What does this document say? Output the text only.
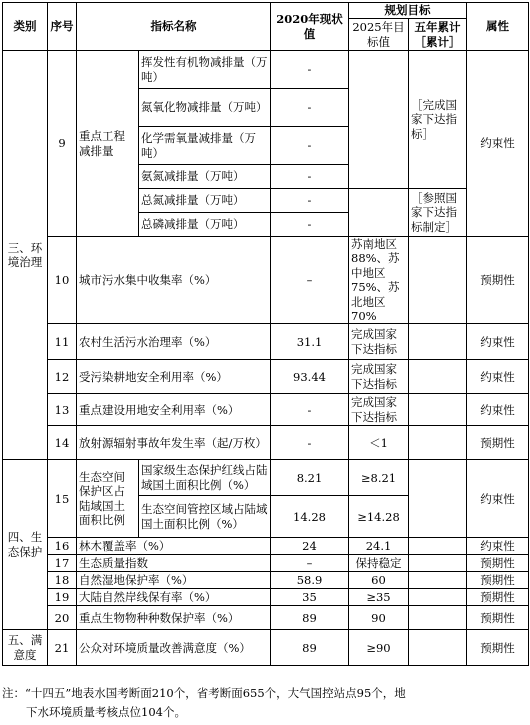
类别	序号	指标名称		2020年现状值	规划目标		属性
					2025年目标值	五年累计［累计］	
三、环境治理	9	重点工程减排量	挥发性有机物减排量（万吨）	-		［完成国家下达指标］	约束性
			氮氧化物减排量（万吨）	-			
			化学需氧量减排量（万吨）	-			
			氨氮减排量（万吨）	-			
			总氮减排量（万吨）	-		［参照国家下达指标制定］	
			总磷减排量（万吨）	-			
	10	城市污水集中收集率（%）		–	苏南地区88%、苏中地区75%、苏北地区70%		预期性
	11	农村生活污水治理率（%）		31.1	完成国家下达指标		约束性
	12	受污染耕地安全利用率（%）		93.44	完成国家下达指标		约束性
	13	重点建设用地安全利用率（%）		-	完成国家下达指标		约束性
	14	放射源辐射事故年发生率（起/万枚）		-	＜1		预期性
四、生态保护	15	生态空间保护区占陆域国土面积比例	国家级生态保护红线占陆域国土面积比例（%）	8.21	≥8.21		约束性
			生态空间管控区域占陆域国土面积比例（%）	14.28	≥14.28		
	16	林木覆盖率（%）		24	24.1		约束性
	17	生态质量指数		–	保持稳定		预期性
	18	自然湿地保护率（%）		58.9	60		预期性
	19	大陆自然岸线保有率（%）		35	≥35		预期性
	20	重点生物物种种数保护率（%）		89	90		预期性
五、满意度	21	公众对环境质量改善满意度（%）		89	≥90		预期性
注：“十四五”地表水国考断面210个，省考断面655个，大气国控站点95个，地
下水环境质量考核点位104个。
